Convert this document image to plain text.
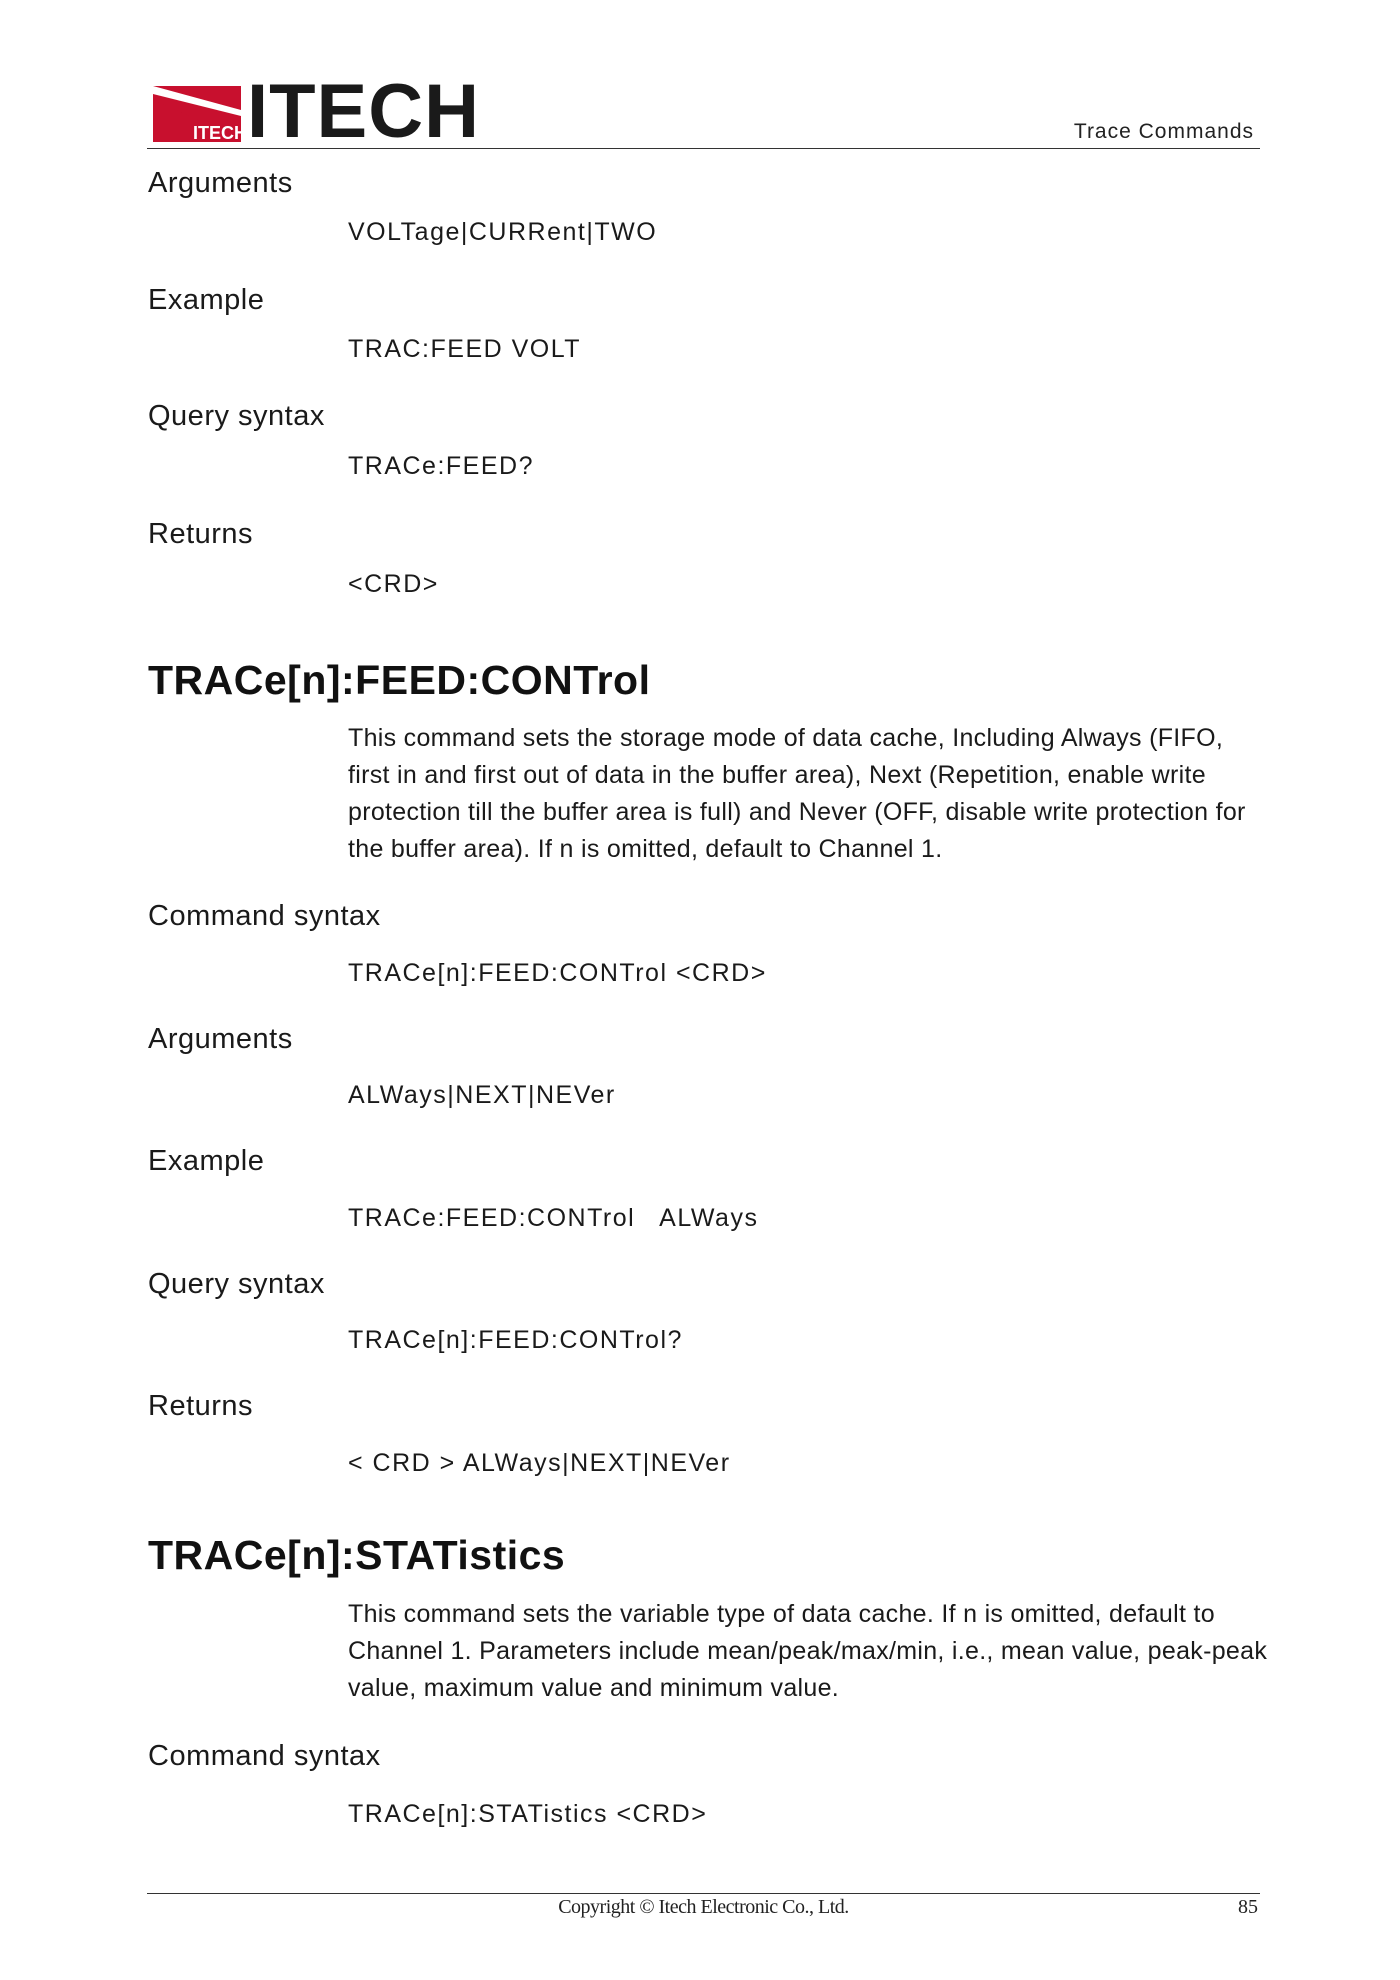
ITECH ITECH	Trace Commands
Arguments
VOLTage|CURRent|TWO
Example
TRAC:FEED VOLT
Query syntax
TRACe:FEED?
Returns
<CRD>
TRACe[n]:FEED:CONTrol
This command sets the storage mode of data cache, Including Always (FIFO, first in and first out of data in the buffer area), Next (Repetition, enable write protection till the buffer area is full) and Never (OFF, disable write protection for the buffer area). If n is omitted, default to Channel 1.
Command syntax
TRACe[n]:FEED:CONTrol <CRD>
Arguments
ALWays|NEXT|NEVer
Example
TRACe:FEED:CONTrol   ALWays
Query syntax
TRACe[n]:FEED:CONTrol?
Returns
< CRD > ALWays|NEXT|NEVer
TRACe[n]:STATistics
This command sets the variable type of data cache. If n is omitted, default to Channel 1. Parameters include mean/peak/max/min, i.e., mean value, peak-peak value, maximum value and minimum value.
Command syntax
TRACe[n]:STATistics <CRD>
Copyright © Itech Electronic Co., Ltd.	85
